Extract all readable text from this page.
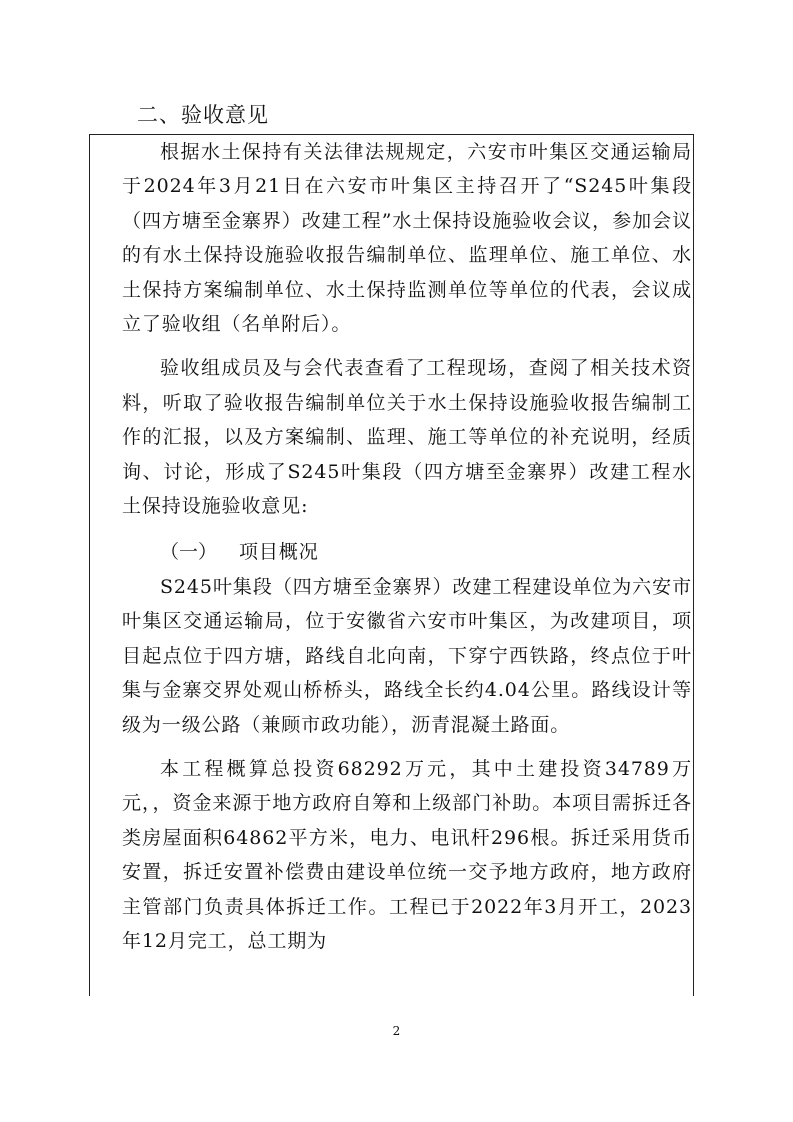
二、验收意见

根据水土保持有关法律法规规定，六安市叶集区交通运输局于2024年3月21日在六安市叶集区主持召开了“S245叶集段（四方塘至金寨界）改建工程”水土保持设施验收会议，参加会议的有水土保持设施验收报告编制单位、监理单位、施工单位、水土保持方案编制单位、水土保持监测单位等单位的代表，会议成立了验收组（名单附后）。

验收组成员及与会代表查看了工程现场，查阅了相关技术资料，听取了验收报告编制单位关于水土保持设施验收报告编制工作的汇报，以及方案编制、监理、施工等单位的补充说明，经质询、讨论，形成了S245叶集段（四方塘至金寨界）改建工程水土保持设施验收意见:

（一） 项目概况

S245叶集段（四方塘至金寨界）改建工程建设单位为六安市叶集区交通运输局，位于安徽省六安市叶集区，为改建项目，项目起点位于四方塘，路线自北向南，下穿宁西铁路，终点位于叶集与金寨交界处观山桥桥头，路线全长约4.04公里。路线设计等级为一级公路（兼顾市政功能），沥青混凝土路面。

本工程概算总投资68292万元，其中土建投资34789万元，，资金来源于地方政府自筹和上级部门补助。本项目需拆迁各类房屋面积64862平方米，电力、电讯杆296根。拆迁采用货币安置，拆迁安置补偿费由建设单位统一交予地方政府，地方政府主管部门负责具体拆迁工作。工程已于2022年3月开工，2023年12月完工，总工期为

2
